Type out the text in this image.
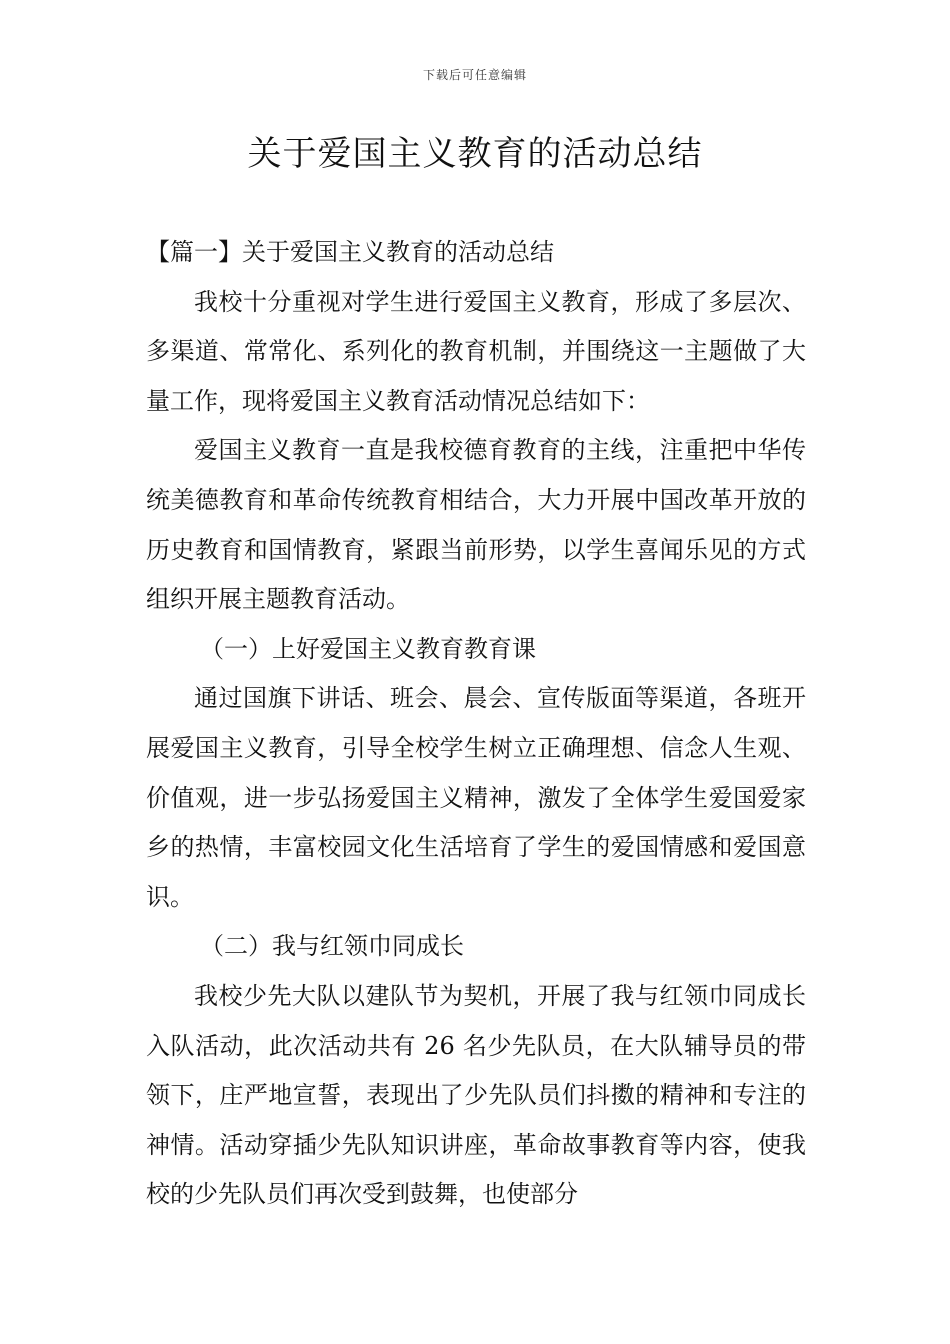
下载后可任意编辑
关于爱国主义教育的活动总结

【篇一】关于爱国主义教育的活动总结

我校十分重视对学生进行爱国主义教育，形成了多层次、多渠道、常常化、系列化的教育机制，并围绕这一主题做了大量工作，现将爱国主义教育活动情况总结如下：

爱国主义教育一直是我校德育教育的主线，注重把中华传统美德教育和革命传统教育相结合，大力开展中国改革开放的历史教育和国情教育，紧跟当前形势，以学生喜闻乐见的方式组织开展主题教育活动。

（一）上好爱国主义教育教育课

通过国旗下讲话、班会、晨会、宣传版面等渠道，各班开展爱国主义教育，引导全校学生树立正确理想、信念人生观、价值观，进一步弘扬爱国主义精神，激发了全体学生爱国爱家乡的热情，丰富校园文化生活培育了学生的爱国情感和爱国意识。

（二）我与红领巾同成长

我校少先大队以建队节为契机，开展了我与红领巾同成长入队活动，此次活动共有 26 名少先队员，在大队辅导员的带领下，庄严地宣誓，表现出了少先队员们抖擞的精神和专注的神情。活动穿插少先队知识讲座，革命故事教育等内容，使我校的少先队员们再次受到鼓舞，也使部分
